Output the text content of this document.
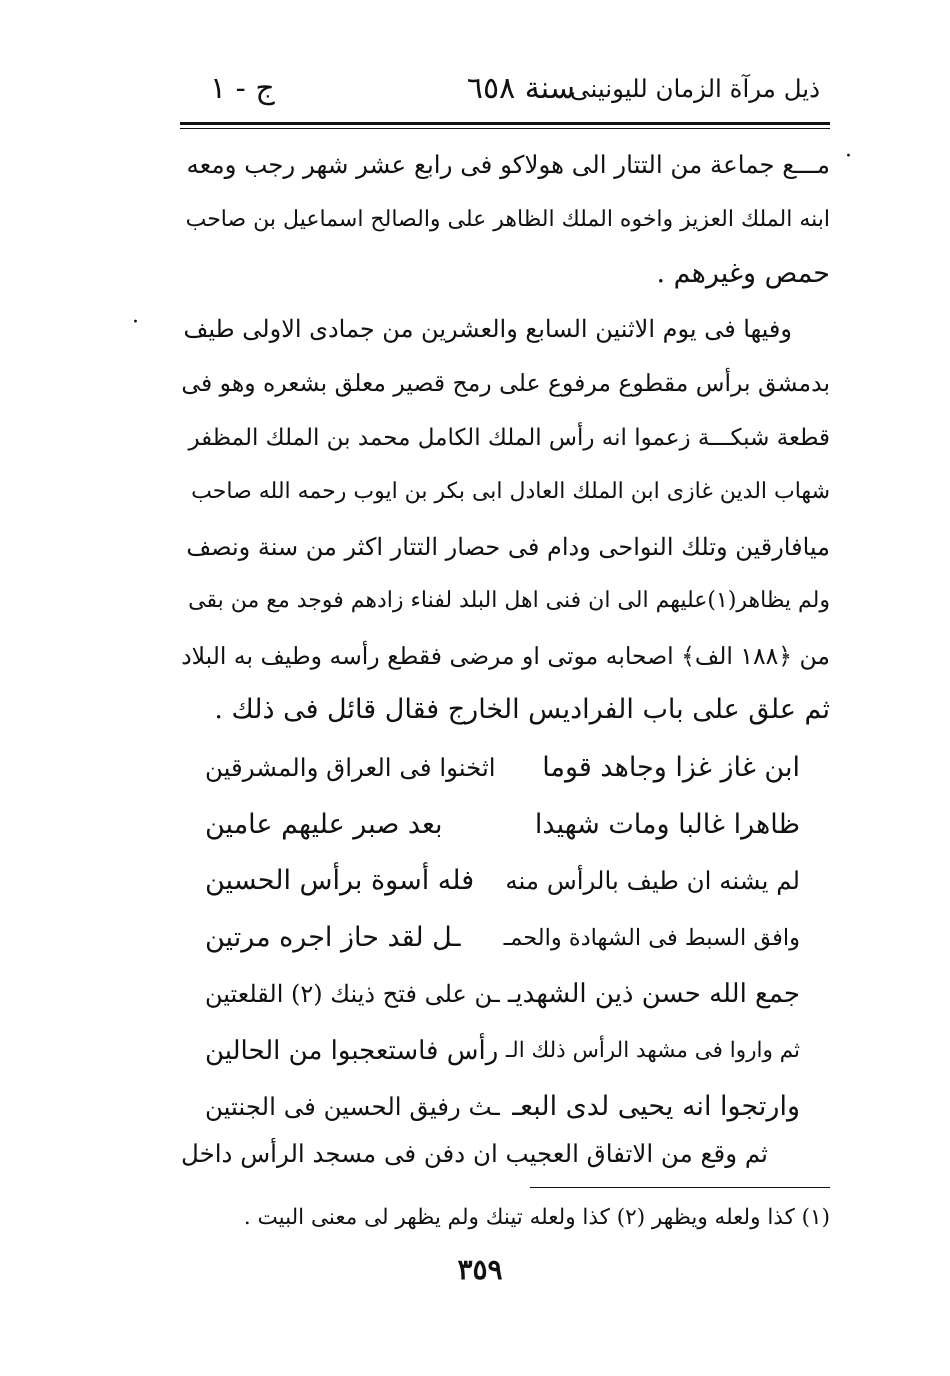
ذيل مرآة الزمان لليونينى
سنة ٦٥٨
ج - ١
·
·
مـــع جماعة من التتار الى هولاكو فى رابع عشر شهر رجب ومعه
ابنه الملك العزيز واخوه الملك الظاهر على والصالح اسماعيل بن صاحب
حمص وغيرهم .
وفيها فى يوم الاثنين السابع والعشرين من جمادى الاولى طيف
بدمشق برأس مقطوع مرفوع على رمح قصير معلق بشعره وهو فى
قطعة شبكـــة زعموا انه رأس الملك الكامل محمد بن الملك المظفر
شهاب الدين غازى ابن الملك العادل ابى بكر بن ايوب رحمه الله صاحب
ميافارقين وتلك النواحى ودام فى حصار التتار اكثر من سنة ونصف
ولم يظاهر(١)عليهم الى ان فنى اهل البلد لفناء زادهم فوجد مع من بقى
من ﴿١٨٨ الف﴾ اصحابه موتى او مرضى فقطع رأسه وطيف به البلاد
ثم علق على باب الفراديس الخارج فقال قائل فى ذلك .
ابن غاز غزا وجاهد قوما
اثخنوا فى العراق والمشرقين
ظاهرا غالبا ومات شهيدا
بعد صبر عليهم عامين
لم يشنه ان طيف بالرأس منه
فله أسوة برأس الحسين
وافق السبط فى الشهادة والحمـ
ـل لقد حاز اجره مرتين
جمع الله حسن ذين الشهديـ
ـن على فتح ذينك (٢) القلعتين
ثم واروا فى مشهد الرأس ذلك الـ
رأس فاستعجبوا من الحالين
وارتجوا انه يحيى لدى البعـ
ـث رفيق الحسين فى الجنتين
ثم وقع من الاتفاق العجيب ان دفن فى مسجد الرأس داخل
(١) كذا ولعله ويظهر (٢) كذا ولعله تينك ولم يظهر لى معنى البيت .
٣٥٩
